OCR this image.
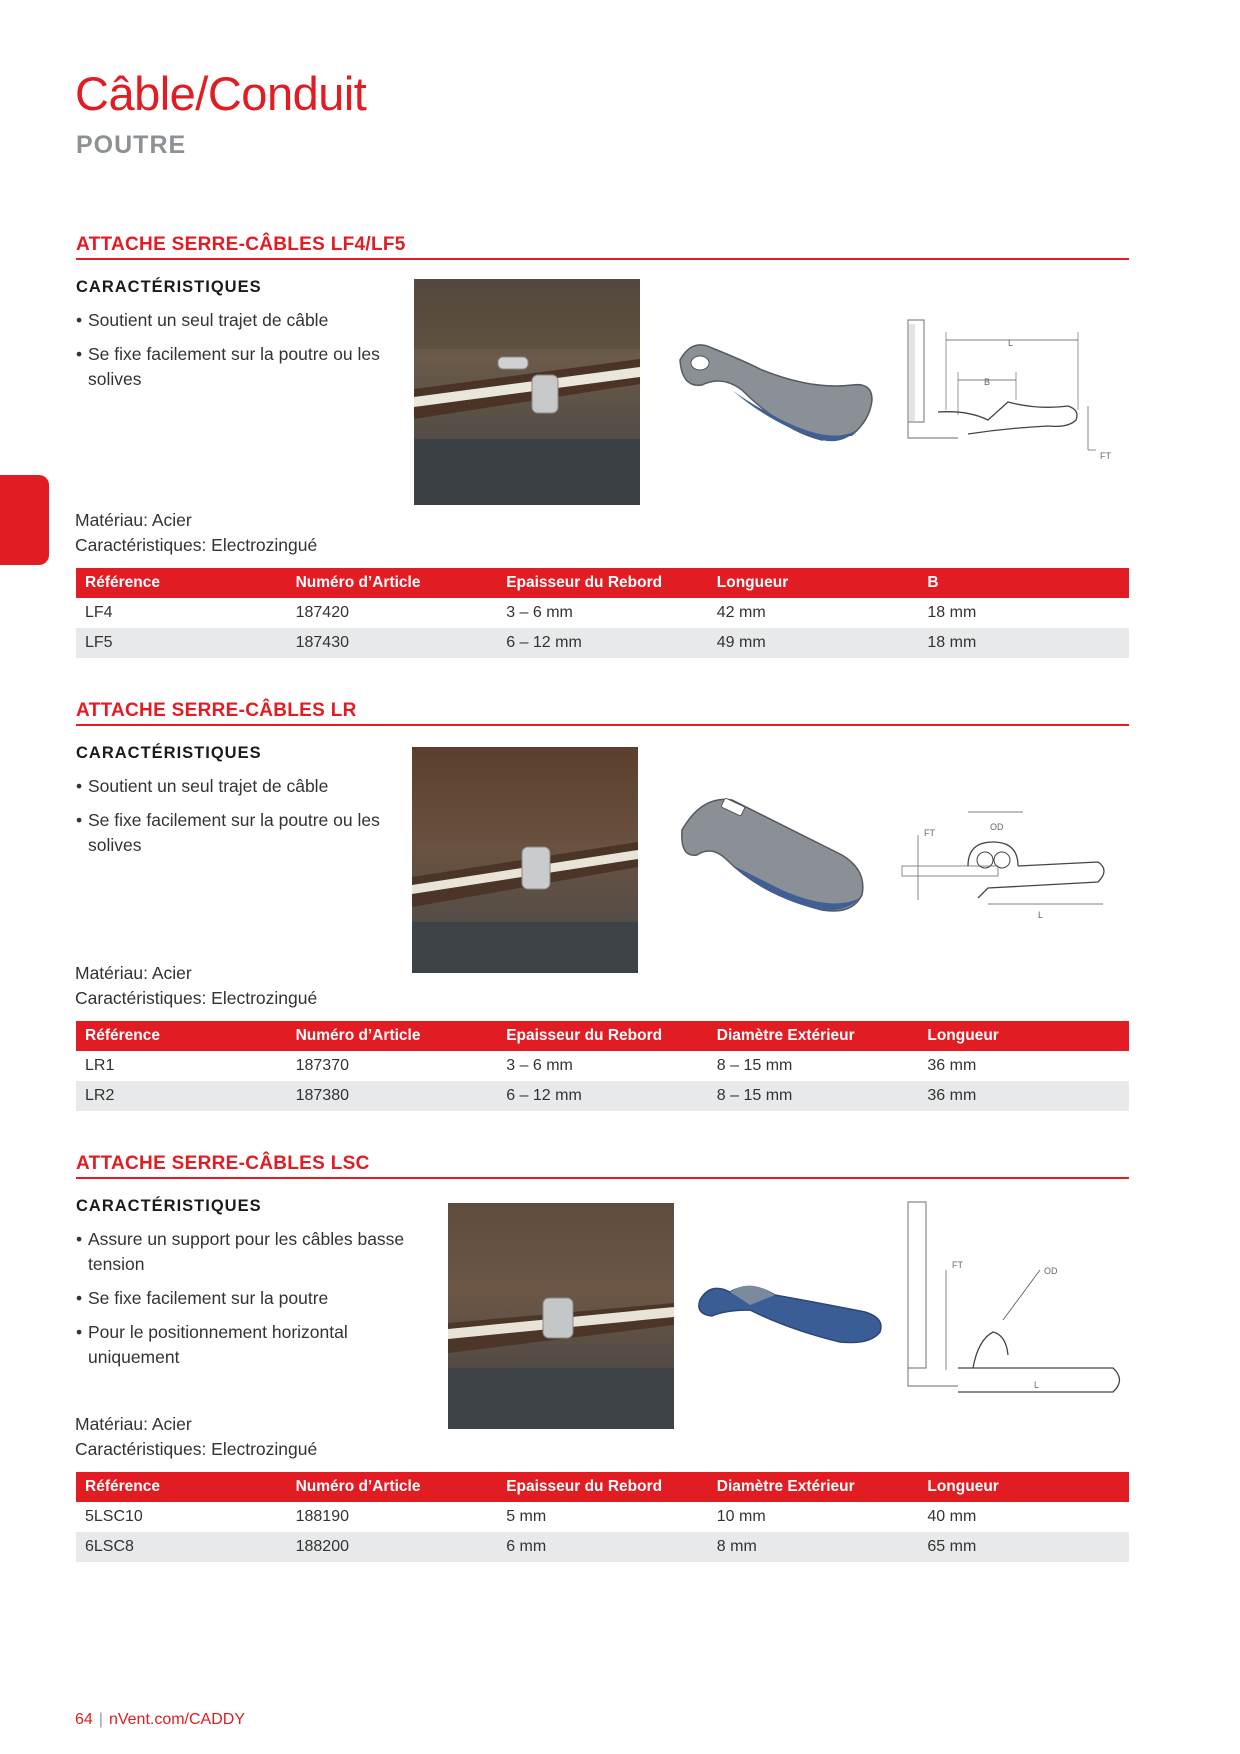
Câble/Conduit
POUTRE
ATTACHE SERRE-CÂBLES LF4/LF5
CARACTÉRISTIQUES
• Soutient un seul trajet de câble
• Se fixe facilement sur la poutre ou les solives
L
B
FT
Matériau: Acier
Caractéristiques: Electrozingué
Référence	Numéro d’Article	Epaisseur du Rebord	Longueur	B
LF4	187420	3 – 6 mm	42 mm	18 mm
LF5	187430	6 – 12 mm	49 mm	18 mm
ATTACHE SERRE-CÂBLES LR
CARACTÉRISTIQUES
• Soutient un seul trajet de câble
• Se fixe facilement sur la poutre ou les solives
OD
FT
L
Matériau: Acier
Caractéristiques: Electrozingué
Référence	Numéro d’Article	Epaisseur du Rebord	Diamètre Extérieur	Longueur
LR1	187370	3 – 6 mm	8 – 15 mm	36 mm
LR2	187380	6 – 12 mm	8 – 15 mm	36 mm
ATTACHE SERRE-CÂBLES LSC
CARACTÉRISTIQUES
• Assure un support pour les câbles basse tension
• Se fixe facilement sur la poutre
• Pour le positionnement horizontal uniquement
FT
OD
L
Matériau: Acier
Caractéristiques: Electrozingué
Référence	Numéro d’Article	Epaisseur du Rebord	Diamètre Extérieur	Longueur
5LSC10	188190	5 mm	10 mm	40 mm
6LSC8	188200	6 mm	8 mm	65 mm
64 | nVent.com/CADDY
